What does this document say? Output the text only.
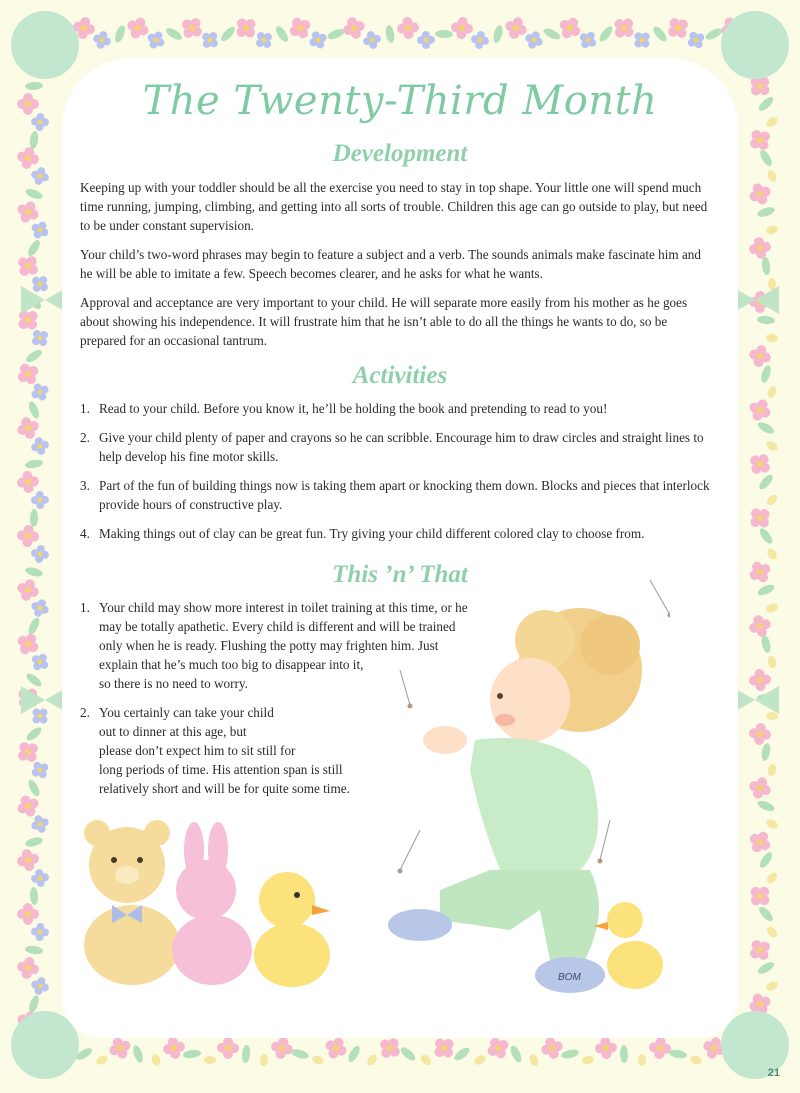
The Twenty-Third Month
Development

Keeping up with your toddler should be all the exercise you need to stay in top shape. Your little one will spend much time running, jumping, climbing, and getting into all sorts of trouble. Children this age can go outside to play, but need to be under constant supervision.

Your child’s two-word phrases may begin to feature a subject and a verb. The sounds animals make fascinate him and he will be able to imitate a few. Speech becomes clearer, and he asks for what he wants.

Approval and acceptance are very important to your child. He will separate more easily from his mother as he goes about showing his independence. It will frustrate him that he isn’t able to do all the things he wants to do, so be prepared for an occasional tantrum.

Activities
1. Read to your child. Before you know it, he’ll be holding the book and pretending to read to you!
2. Give your child plenty of paper and crayons so he can scribble. Encourage him to draw circles and straight lines to help develop his fine motor skills.
3. Part of the fun of building things now is taking them apart or knocking them down. Blocks and pieces that interlock provide hours of constructive play.
4. Making things out of clay can be great fun. Try giving your child different colored clay to choose from.
This ’n’ That
1. Your child may show more interest in toilet training at this time, or he
may be totally apathetic. Every child is different and will be trained
only when he is ready. Flushing the potty may frighten him. Just
explain that he’s much too big to disappear into it,
so there is no need to worry.
2. You certainly can take your child
out to dinner at this age, but
please don’t expect him to sit still for
long periods of time. His attention span is still
relatively short and will be for quite some time.
BOM
21
